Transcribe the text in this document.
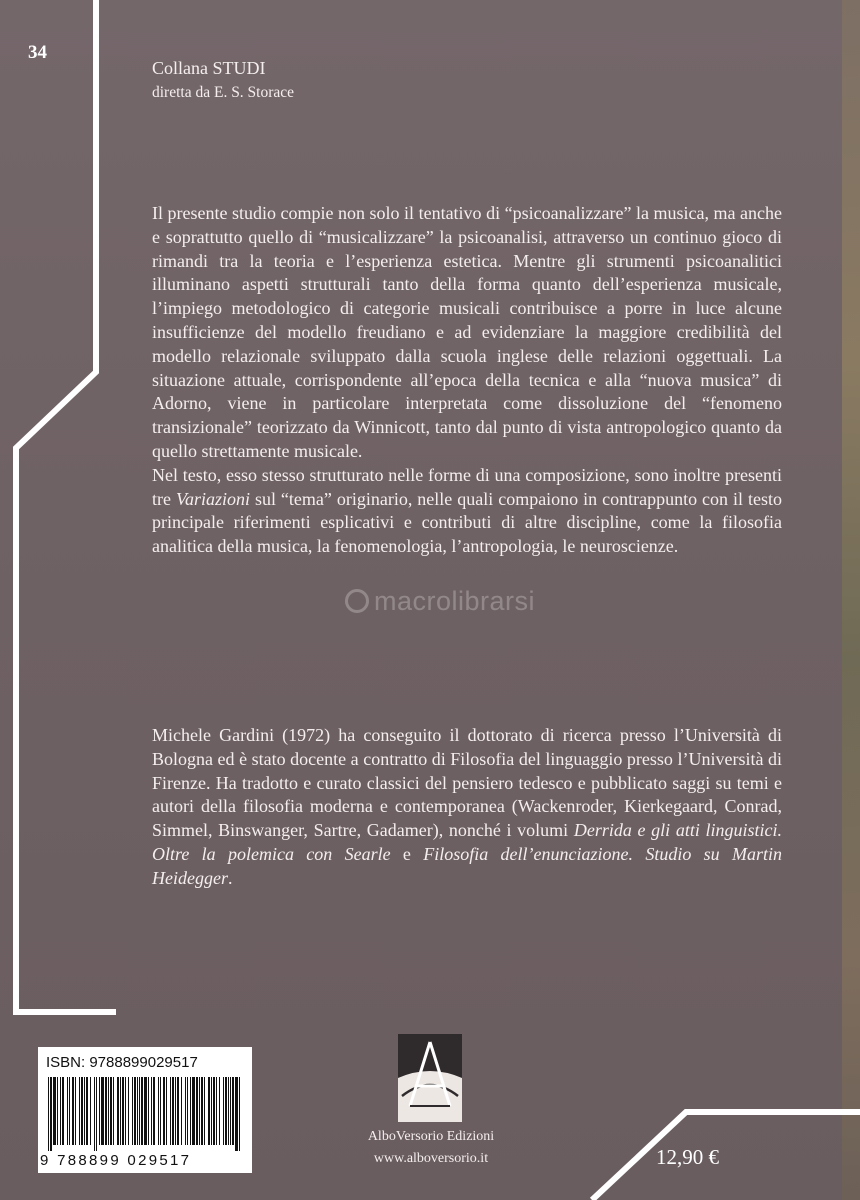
34
Collana STUDI
diretta da E. S. Storace

Il presente studio compie non solo il tentativo di “psicoanalizzare” la musica, ma anche e soprattutto quello di “musicalizzare” la psicoanalisi, attraverso un continuo gioco di rimandi tra la teoria e l’esperienza estetica. Mentre gli strumenti psicoanalitici illuminano aspetti strutturali tanto della forma quanto dell’esperienza musicale, l’impiego metodologico di categorie musicali contribuisce a porre in luce alcune insufficienze del modello freudiano e ad evidenziare la maggiore credibilità del modello relazionale sviluppato dalla scuola inglese delle relazioni oggettuali. La situazione attuale, corrispondente all’epoca della tecnica e alla “nuova musica” di Adorno, viene in particolare interpretata come dissoluzione del “fenomeno transizionale” teorizzato da Winnicott, tanto dal punto di vista antropologico quanto da quello strettamente musicale.

Nel testo, esso stesso strutturato nelle forme di una composizione, sono inoltre presenti tre Variazioni sul “tema” originario, nelle quali compaiono in contrappunto con il testo principale riferimenti esplicativi e contributi di altre discipline, come la filosofia analitica della musica, la fenomenologia, l’antropologia, le neuroscienze.

macrolibrarsi

Michele Gardini (1972) ha conseguito il dottorato di ricerca presso l’Università di Bologna ed è stato docente a contratto di Filosofia del linguaggio presso l’Università di Firenze. Ha tradotto e curato classici del pensiero tedesco e pubblicato saggi su temi e autori della filosofia moderna e contemporanea (Wackenroder, Kierkegaard, Conrad, Simmel, Binswanger, Sartre, Gadamer), nonché i volumi Derrida e gli atti linguistici. Oltre la polemica con Searle e Filosofia dell’enunciazione. Studio su Martin Heidegger.

ISBN: 9788899029517
9 788899 029517
AlboVersorio Edizioni
www.alboversorio.it	12,90 €
